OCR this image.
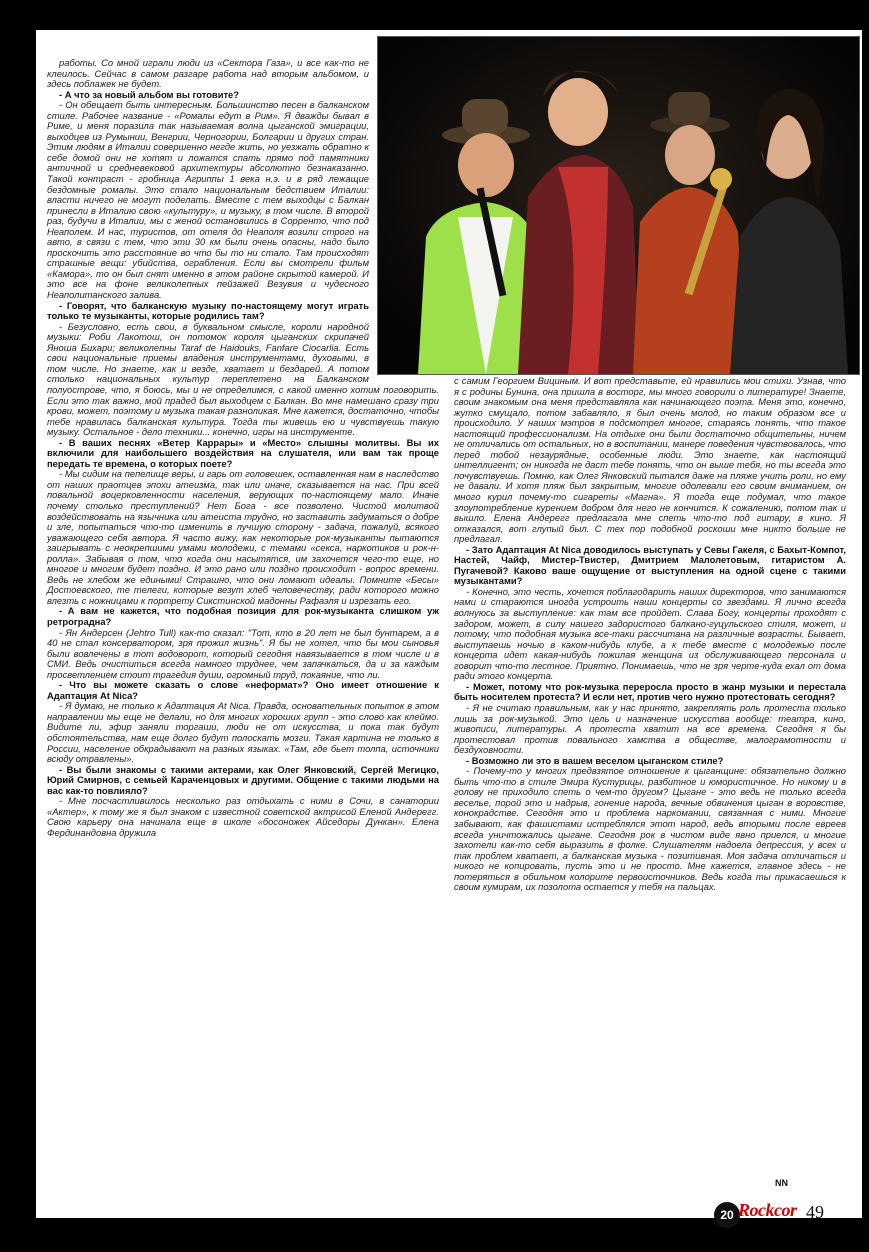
работы. Со мной играли люди из «Сектора Газа», и все как-то не клеилось. Сейчас в самом разгаре работа над вторым альбомом, и здесь поблажек не будет.

- А что за новый альбом вы готовите?

- Он обещает быть интересным. Большинство песен в балканском стиле. Рабочее название - «Ромалы едут в Рим». Я дважды бывал в Риме, и меня поразила так называемая волна цыганской эмиграции, выходцев из Румынии, Венгрии, Черногории, Болгарии и других стран. Этим людям в Италии совершенно негде жить, но уезжать обратно к себе домой они не хотят и ложатся спать прямо под памятники античной и средневековой архитектуры абсолютно безнаказанно. Такой контраст - гробница Агриппы 1 века н.э. и в ряд лежащие бездомные ромалы. Это стало национальным бедствием Италии: власти ничего не могут поделать. Вместе с тем выходцы с Балкан принесли в Италию свою «культуру», и музыку, в том числе. В второй раз, будучи в Италии, мы с женой остановились в Сорренто, что под Неаполем. И нас, туристов, от отеля до Неаполя возили строго на авто, в связи с тем, что эти 30 км были очень опасны, надо было проскочить это расстояние во что бы то ни стало. Там происходят страшные вещи: убийства, ограбления. Если вы смотрели фильм «Камора», то он был снят именно в этом районе скрытой камерой. И это все на фоне великолепных пейзажей Везувия и чудесного Неаполитанского залива.

- Говорят, что балканскую музыку по-настоящему могут играть только те музыканты, которые родились там?

- Безусловно, есть свои, в буквальном смысле, короли народной музыки: Роби Лакотош, он потомок короля цыганских скрипачей Яноша Бихари; великолепны Taraf de Haidouks, Fanfare Ciocarlia. Есть свои национальные приемы владения инструментами, духовыми, в том числе. Но знаете, как и везде, хватает и бездарей. А потом столько национальных культур переплетено на Балканском полуострове, что, я боюсь, мы и не определимся, с какой именно хотим поговорить. Если это так важно, мой прадед был выходцем с Балкан. Во мне намешано сразу три крови, может, поэтому и музыка такая разноликая. Мне кажется, достаточно, чтобы тебе нравилась балканская культура. Тогда ты живешь ею и чувствуешь такую музыку. Остальное - дело техники... конечно, игры на инструменте.

- В ваших песнях «Ветер Каррары» и «Место» слышны молитвы. Вы их включили для наибольшего воздействия на слушателя, или вам так проще передать те времена, о которых поете?

- Мы сидим на пепелище веры, и гарь от головешек, оставленная нам в наследство от наших праотцев эпохи атеизма, так или иначе, сказывается на нас. При всей повальной воцерковленности населения, верующих по-настоящему мало. Иначе почему столько преступлений? Нет Бога - все позволено. Чистой молитвой воздействовать на язычника или атеиста трудно, но заставить задуматься о добре и зле, попытаться что-то изменить в лучшую сторону - задача, пожалуй, всякого уважающего себя автора. Я часто вижу, как некоторые рок-музыканты пытаются заигрывать с неокрепшими умами молодежи, с темами «секса, наркотиков и рок-н-ролла». Забывая о том, что когда они насытятся, им захочется чего-то еще, но многое и многим будет поздно. И это рано или поздно происходит - вопрос времени. Ведь не хлебом же едиными! Страшно, что они ломают идеалы. Помните «Бесы» Достоевского, те телеги, которые везут хлеб человечеству, ради которого можно влезть с ножницами к портрету Сикстинской мадонны Рафаэля и изрезать его.

- А вам не кажется, что подобная позиция для рок-музыканта слишком уж ретроградна?

- Ян Андерсен (Jehtro Tull) как-то сказал: "Тот, кто в 20 лет не был бунтарем, а в 40 не стал консерватором, зря прожил жизнь". Я бы не хотел, что бы мои сыновья были вовлечены в тот водоворот, который сегодня навязывается в том числе и в СМИ. Ведь очиститься всегда намного труднее, чем запачкаться, да и за каждым просветлением стоит трагедия души, огромный труд, покаяние, что ли.

- Что вы можете сказать о слове «неформат»? Оно имеет отношение к Адаптация At Nica?

- Я думаю, не только к Адаптация At Nica. Правда, основательных попыток в этом направлении мы еще не делали, но для многих хороших групп - это слово как клеймо. Видите ли, эфир заняли торгаши, люди не от искусства, и пока так будут обстоятельства, нам еще долго будут полоскать мозги. Такая картина не только в России, население обкрадывают на разных языках. «Там, где бьет толпа, источники всюду отравлены».

- Вы были знакомы с такими актерами, как Олег Янковский, Сергей Мегицко, Юрий Смирнов, с семьей Караченцовых и другими. Общение с такими людьми на вас как-то повлияло?

- Мне посчастливилось несколько раз отдыхать с ними в Сочи, в санатории «Актер», к тому же я был знаком с известной советской актрисой Еленой Андерегг. Свою карьеру она начинала еще в школе «босоножек Айседоры Дункан». Елена Фердинандовна дружила

с самим Георгием Вициным. И вот представьте, ей нравились мои стихи. Узнав, что я с родины Бунина, она пришла в восторг, мы много говорили о литературе! Знаете, своим знакомым она меня представляла как начинающего поэта. Меня это, конечно, жутко смущало, потом забавляло, я был очень молод, но таким образом все и происходило. У наших мэтров я подсмотрел многое, стараясь понять, что такое настоящий профессионализм. На отдыхе они были достаточно общительны, ничем не отличались от остальных, но в воспитании, манере поведения чувствовалось, что перед тобой незаурядные, особенные люди. Это знаете, как настоящий интеллигент; он никогда не даст тебе понять, что он выше тебя, но ты всегда это почувствуешь. Помню, как Олег Янковский пытался даже на пляже учить роли, но ему не давали. И хотя пляж был закрытым, многие одолевали его своим вниманием, он много курил почему-то сигареты «Магна». Я тогда еще подумал, что такое злоупотребление курением добром для него не кончится. К сожалению, потом так и вышло. Елена Андерегг предлагала мне спеть что-то под гитару, в кино. Я отказался, вот глупый был. С тех пор подобной роскоши мне никто больше не предлагал.

- Зато Адаптация At Nica доводилось выступать у Севы Гакеля, с Бахыт-Компот, Настей, Чайф, Мистер-Твистер, Дмитрием Малолетовым, гитаристом А. Пугачевой? Каково ваше ощущение от выступления на одной сцене с такими музыкантами?

- Конечно, это честь, хочется поблагодарить наших директоров, что занимаются нами и стараются иногда устроить наши концерты со звездами. Я лично всегда волнуюсь за выступление: как там все пройдет. Слава Богу, концерты проходят с задором, может, в силу нашего задористого балкано-гуцульского стиля, может, и потому, что подобная музыка все-таки рассчитана на различные возрасты. Бывает, выступаешь ночью в каком-нибудь клубе, а к тебе вместе с молодежью после концерта идет какая-нибудь пожилая женщина из обслуживающего персонала и говорит что-то лестное. Приятно. Понимаешь, что не зря черте-куда ехал от дома ради этого концерта.

- Может, потому что рок-музыка переросла просто в жанр музыки и перестала быть носителем протеста? И если нет, против чего нужно протестовать сегодня?

- Я не считаю правильным, как у нас принято, закреплять роль протеста только лишь за рок-музыкой. Это цель и назначение искусства вообще: театра, кино, живописи, литературы. А протеста хватит на все времена. Сегодня я бы протестовал против повального хамства в обществе, малограмотности и бездуховности.

- Возможно ли это в вашем веселом цыганском стиле?

- Почему-то у многих предвзятое отношение к цыганщине: обязательно должно быть что-то в стиле Эмира Кустурицы, разбитное и юмористичное. Но никому и в голову не приходило спеть о чем-то другом? Цыгане - это ведь не только всегда веселье, порой это и надрыв, гонение народа, вечные обвинения цыган в воровстве, конокрадстве. Сегодня это и проблема наркомании, связанная с ними. Многие забывают, как фашистами истреблялся этот народ, ведь вторыми после евреев всегда уничтожались цыгане. Сегодня рок в чистом виде явно приелся, и многие захотели как-то себя выразить в фолке. Слушателям надоела депрессия, у всех и так проблем хватает, а балканская музыка - позитивная. Моя задача отличаться и никого не копировать, пусть это и не просто. Мне кажется, главное здесь - не потеряться в обильном колорите первоисточников. Ведь когда ты прикасаешься к своим кумирам, их позолота остается у тебя на пальцах.

NN
20 Rockcor 49
